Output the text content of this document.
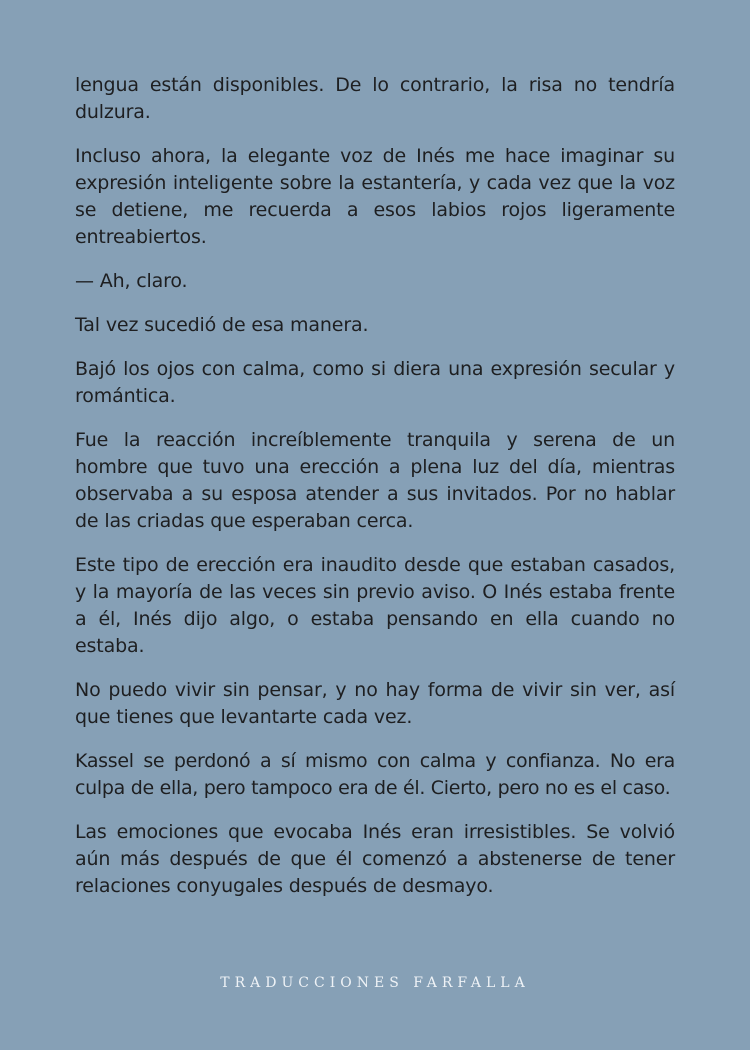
lengua están disponibles. De lo contrario, la risa no tendría dulzura.

Incluso ahora, la elegante voz de Inés me hace imaginar su expresión inteligente sobre la estantería, y cada vez que la voz se detiene, me recuerda a esos labios rojos ligeramente entreabiertos.

— Ah, claro.

Tal vez sucedió de esa manera.

Bajó los ojos con calma, como si diera una expresión secular y romántica.

Fue la reacción increíblemente tranquila y serena de un hombre que tuvo una erección a plena luz del día, mientras observaba a su esposa atender a sus invitados. Por no hablar de las criadas que esperaban cerca.

Este tipo de erección era inaudito desde que estaban casados, y la mayoría de las veces sin previo aviso. O Inés estaba frente a él, Inés dijo algo, o estaba pensando en ella cuando no estaba.

No puedo vivir sin pensar, y no hay forma de vivir sin ver, así que tienes que levantarte cada vez.

Kassel se perdonó a sí mismo con calma y confianza. No era culpa de ella, pero tampoco era de él. Cierto, pero no es el caso.

Las emociones que evocaba Inés eran irresistibles. Se volvió aún más después de que él comenzó a abstenerse de tener relaciones conyugales después de desmayo.

TRADUCCIONES FARFALLA
